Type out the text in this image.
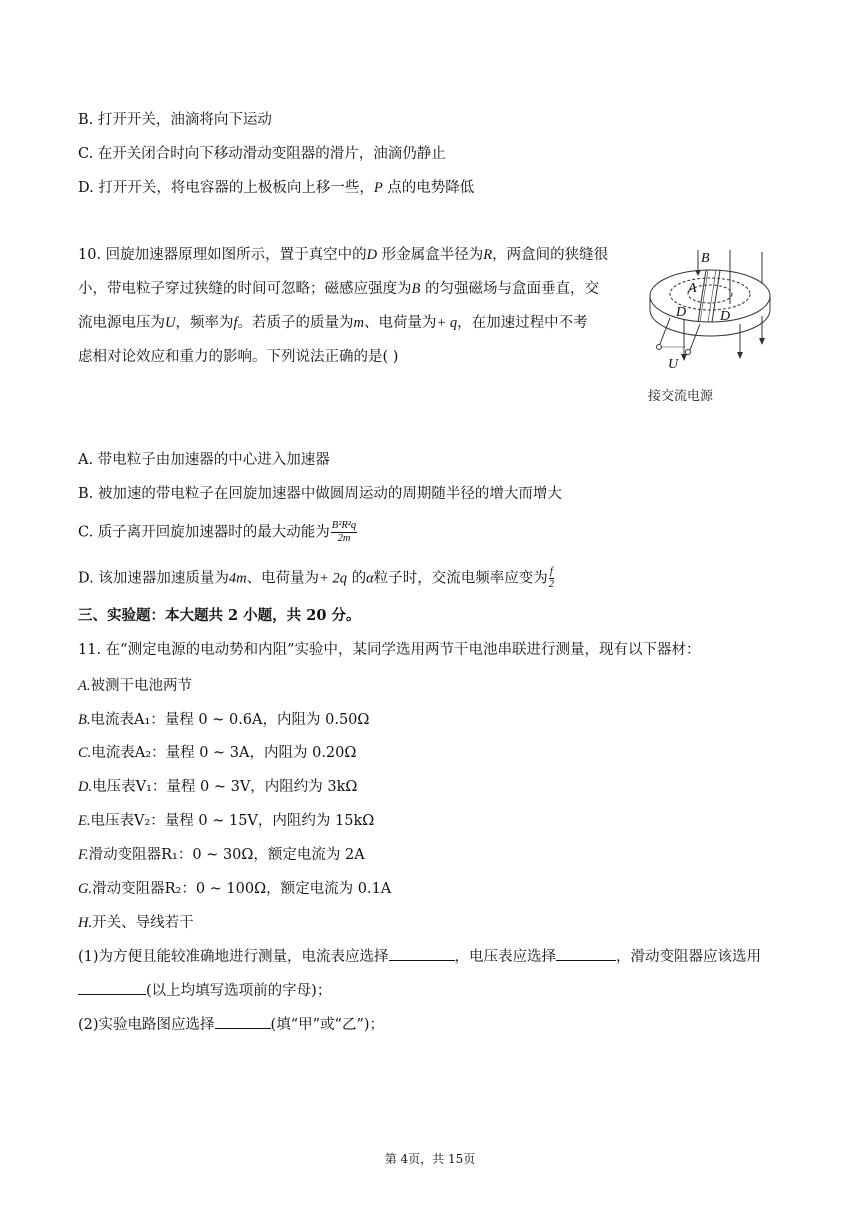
B. 打开开关，油滴将向下运动
C. 在开关闭合时向下移动滑动变阻器的滑片，油滴仍静止
D. 打开开关，将电容器的上极板向上移一些，P 点的电势降低
10. 回旋加速器原理如图所示，置于真空中的D 形金属盒半径为R，两盒间的狭缝很
小，带电粒子穿过狭缝的时间可忽略；磁感应强度为B 的匀强磁场与盒面垂直，交
流电源电压为U，频率为f。若质子的质量为m、电荷量为+ q，在加速过程中不考
虑相对论效应和重力的影响。下列说法正确的是( )
B
A
D D
U
接交流电源
A. 带电粒子由加速器的中心进入加速器
B. 被加速的带电粒子在回旋加速器中做圆周运动的周期随半径的增大而增大
C. 质子离开回旋加速器时的最大动能为 $\frac{\text{B²R²q}}{2m}$
D. 该加速器加速质量为4m、电荷量为+ 2q 的α粒子时，交流电频率应变为 $\frac{f}{2}$
三、实验题：本大题共 2 小题，共 20 分。
11. 在“测定电源的电动势和内阻”实验中，某同学选用两节干电池串联进行测量，现有以下器材：
A.被测干电池两节
B.电流表A₁：量程 0 ~ 0.6A，内阻为 0.50Ω
C.电流表A₂：量程 0 ~ 3A，内阻为 0.20Ω
D.电压表V₁：量程 0 ~ 3V，内阻约为 3kΩ
E.电压表V₂：量程 0 ~ 15V，内阻约为 15kΩ
F.滑动变阻器R₁：0 ~ 30Ω，额定电流为 2A
G.滑动变阻器R₂：0 ~ 100Ω，额定电流为 0.1A
H.开关、导线若干
(1)为方便且能较准确地进行测量，电流表应选择	，电压表应选择	，滑动变阻器应该选用
(以上均填写选项前的字母)；
(2)实验电路图应选择	(填“甲”或“乙”)；
第 4页，共 15页
